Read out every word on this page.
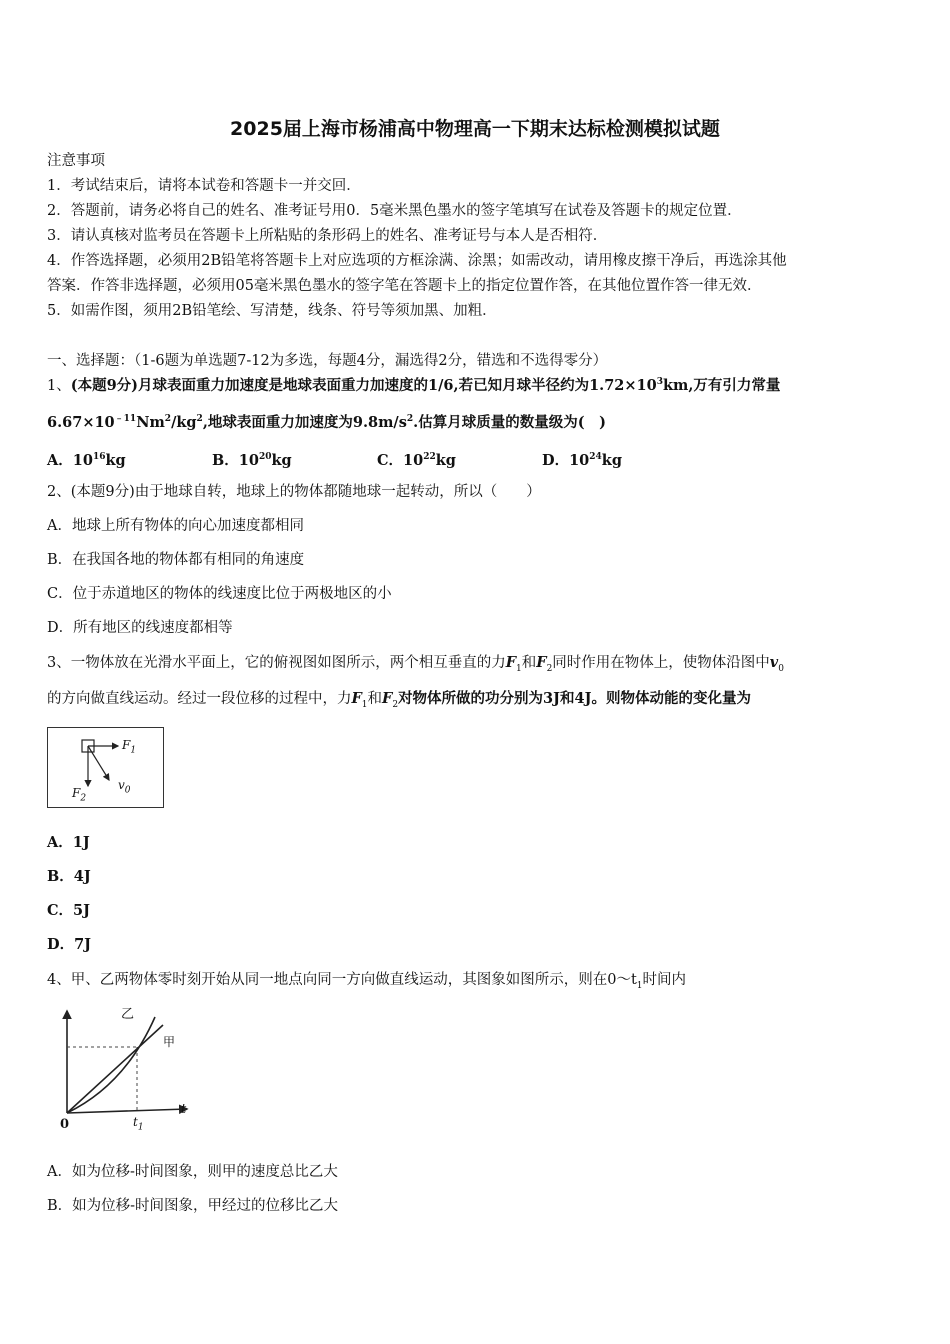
2025届上海市杨浦高中物理高一下期末达标检测模拟试题
注意事项
1．考试结束后，请将本试卷和答题卡一并交回．
2．答题前，请务必将自己的姓名、准考证号用0．5毫米黑色墨水的签字笔填写在试卷及答题卡的规定位置．
3．请认真核对监考员在答题卡上所粘贴的条形码上的姓名、准考证号与本人是否相符．
4．作答选择题，必须用2B铅笔将答题卡上对应选项的方框涂满、涂黑；如需改动，请用橡皮擦干净后，再选涂其他
答案．作答非选择题，必须用05毫米黑色墨水的签字笔在答题卡上的指定位置作答，在其他位置作答一律无效．
5．如需作图，须用2B铅笔绘、写清楚，线条、符号等须加黑、加粗．
一、选择题：（1-6题为单选题7-12为多选，每题4分，漏选得2分，错选和不选得零分）
1、(本题9分)月球表面重力加速度是地球表面重力加速度的1/6,若已知月球半径约为$1.72\times 10^3km$,万有引力常量
$6.67\times 10^{﹣11}Nm^2/kg^2$,地球表面重力加速度为$9.8m/s^2$.估算月球质量的数量级为(　)
A．$10^{16}kg$	B．$10^{20}kg$	C．$10^{22}kg$	D．$10^{24}kg$
2、(本题9分)由于地球自转，地球上的物体都随地球一起转动，所以（　　）
A．地球上所有物体的向心加速度都相同
B．在我国各地的物体都有相同的角速度
C．位于赤道地区的物体的线速度比位于两极地区的小
D．所有地区的线速度都相等
3、一物体放在光滑水平面上，它的俯视图如图所示，两个相互垂直的力$F_1$和$F_2$同时作用在物体上，使物体沿图中$v_0$
的方向做直线运动。经过一段位移的过程中，力$F_1$和$F_2$对物体所做的功分别为3J和4J。则物体动能的变化量为
$F_1$
$F_2$
$v_0$
A．1J
B．4J
C．5J
D．7J
4、甲、乙两物体零时刻开始从同一地点向同一方向做直线运动，其图象如图所示，则在$0\sim t_1$时间内
乙
甲
0
t
$t_1$
A．如为位移-时间图象，则甲的速度总比乙大
B．如为位移-时间图象，甲经过的位移比乙大
